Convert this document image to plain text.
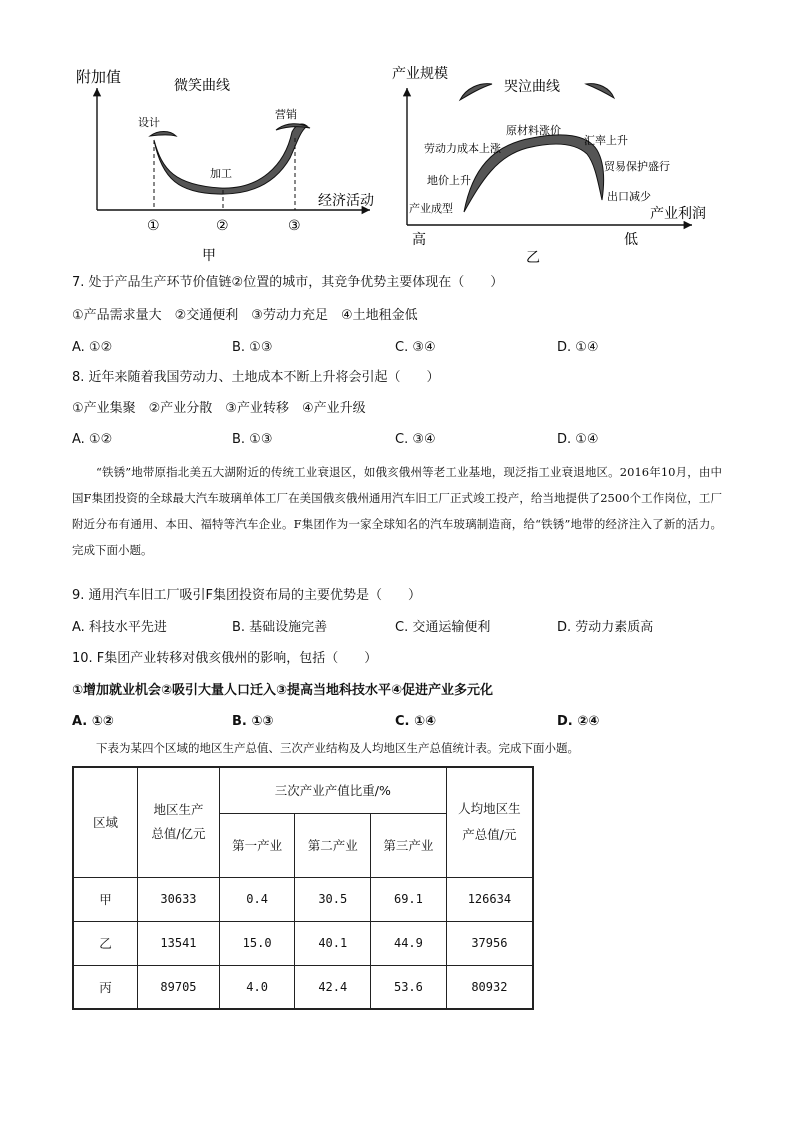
附加值	微笑曲线
经济活动
设计
加工
营销
①	②	③
甲
产业规模
哭泣曲线
产业成型
地价上升
劳动力成本上涨
原材料涨价
汇率上升
贸易保护盛行
出口减少
产业利润
高	低
乙
7. 处于产品生产环节价值链②位置的城市，其竞争优势主要体现在（　　）
①产品需求量大　②交通便利　③劳动力充足　④土地租金低
A. ①②	B. ①③	C. ③④	D. ①④
8. 近年来随着我国劳动力、土地成本不断上升将会引起（　　）
①产业集聚　②产业分散　③产业转移　④产业升级
A. ①②	B. ①③	C. ③④	D. ①④

“铁锈”地带原指北美五大湖附近的传统工业衰退区，如俄亥俄州等老工业基地，现泛指工业衰退地区。2016年10月，由中国F集团投资的全球最大汽车玻璃单体工厂在美国俄亥俄州通用汽车旧工厂正式竣工投产，给当地提供了2500个工作岗位，工厂附近分布有通用、本田、福特等汽车企业。F集团作为一家全球知名的汽车玻璃制造商，给“铁锈”地带的经济注入了新的活力。完成下面小题。

9. 通用汽车旧工厂吸引F集团投资布局的主要优势是（　　）
A. 科技水平先进	B. 基础设施完善	C. 交通运输便利	D. 劳动力素质高
10. F集团产业转移对俄亥俄州的影响，包括（　　）
①增加就业机会②吸引大量人口迁入③提高当地科技水平④促进产业多元化
A. ①②	B. ①③	C. ①④	D. ②④

下表为某四个区域的地区生产总值、三次产业结构及人均地区生产总值统计表。完成下面小题。

区域	地区生产总值/亿元	三次产业产值比重/%			人均地区生产总值/元
		第一产业	第二产业	第三产业	
甲	30633	0.4	30.5	69.1	126634
乙	13541	15.0	40.1	44.9	37956
丙	89705	4.0	42.4	53.6	80932
